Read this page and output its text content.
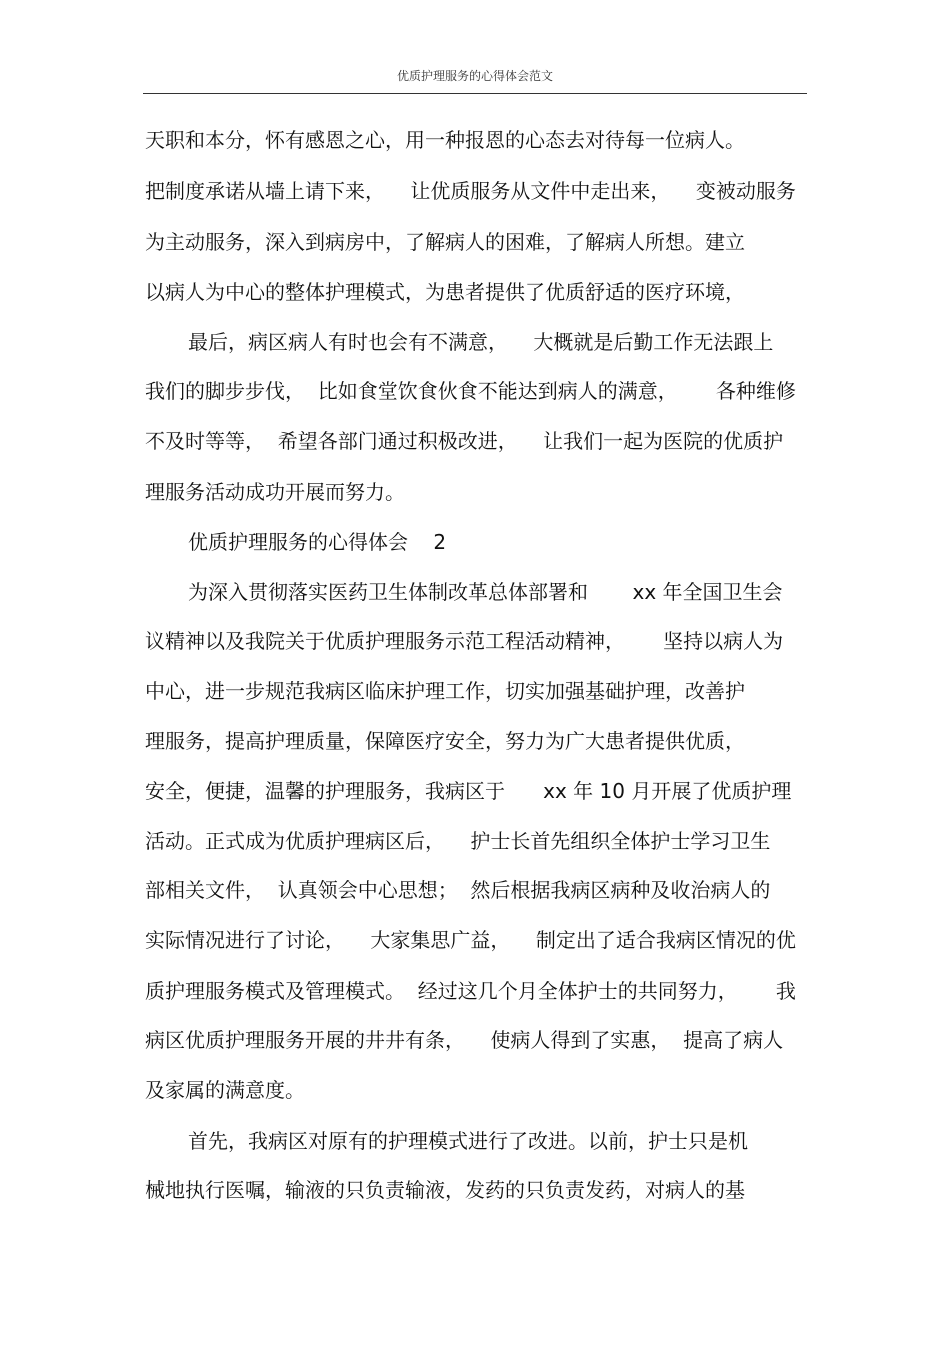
优质护理服务的心得体会范文
天职和本分，怀有感恩之心，用一种报恩的心态去对待每一位病人。
把制度承诺从墙上请下来，    让优质服务从文件中走出来，    变被动服务
为主动服务，深入到病房中，了解病人的困难，了解病人所想。建立
以病人为中心的整体护理模式，为患者提供了优质舒适的医疗环境，
最后，病区病人有时也会有不满意，    大概就是后勤工作无法跟上
我们的脚步步伐，  比如食堂饮食伙食不能达到病人的满意，      各种维修
不及时等等，  希望各部门通过积极改进，    让我们一起为医院的优质护
理服务活动成功开展而努力。
优质护理服务的心得体会    2
为深入贯彻落实医药卫生体制改革总体部署和       xx 年全国卫生会
议精神以及我院关于优质护理服务示范工程活动精神，      坚持以病人为
中心，进一步规范我病区临床护理工作，切实加强基础护理，改善护
理服务，提高护理质量，保障医疗安全，努力为广大患者提供优质，
安全，便捷，温馨的护理服务，我病区于      xx 年 10 月开展了优质护理
活动。正式成为优质护理病区后，    护士长首先组织全体护士学习卫生
部相关文件，  认真领会中心思想；  然后根据我病区病种及收治病人的
实际情况进行了讨论，    大家集思广益，    制定出了适合我病区情况的优
质护理服务模式及管理模式。  经过这几个月全体护士的共同努力，      我
病区优质护理服务开展的井井有条，    使病人得到了实惠，  提高了病人
及家属的满意度。
首先，我病区对原有的护理模式进行了改进。以前，护士只是机
械地执行医嘱，输液的只负责输液，发药的只负责发药，对病人的基
